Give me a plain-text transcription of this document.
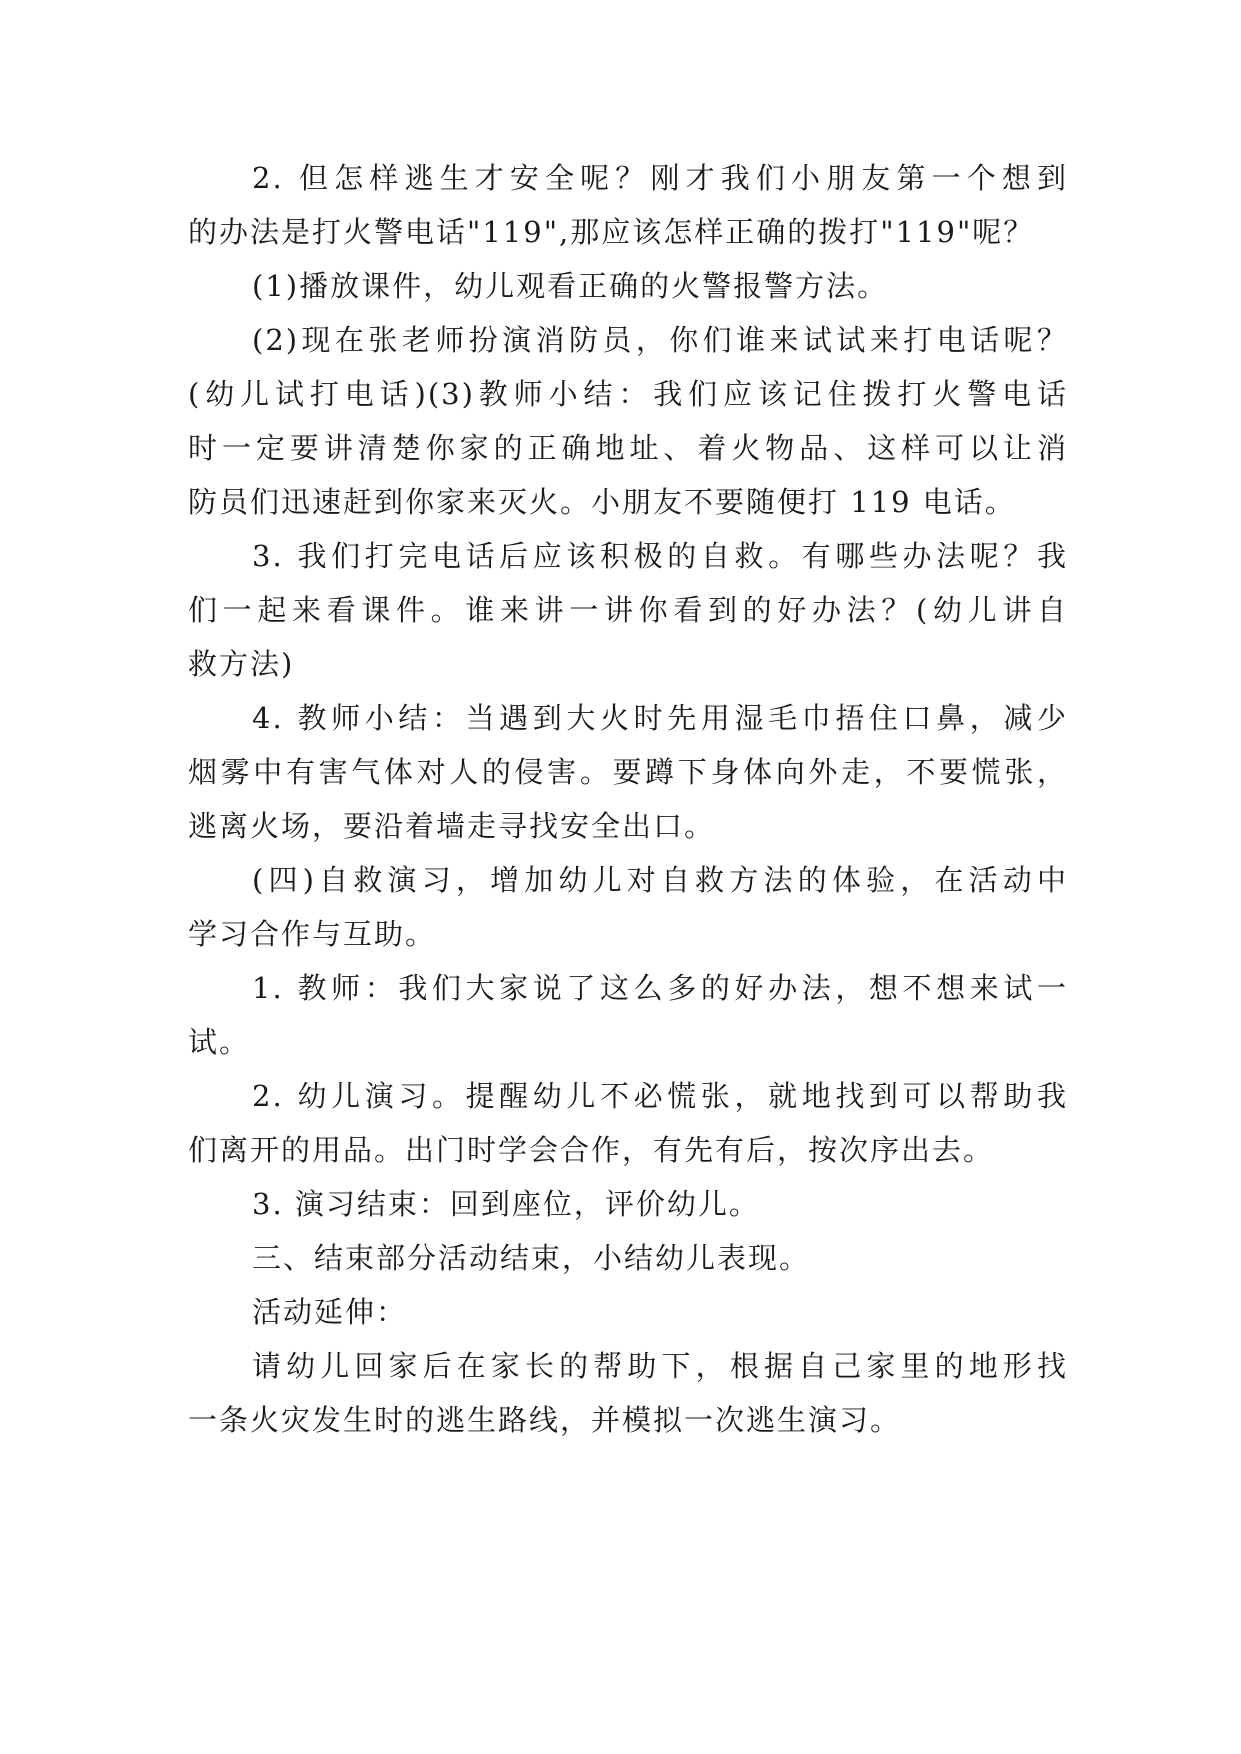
2. 但怎样逃生才安全呢？刚才我们小朋友第一个想到
的办法是打火警电话"119",那应该怎样正确的拨打"119"呢？
(1)播放课件，幼儿观看正确的火警报警方法。
(2)现在张老师扮演消防员，你们谁来试试来打电话呢？
(幼儿试打电话)(3)教师小结：我们应该记住拨打火警电话
时一定要讲清楚你家的正确地址、着火物品、这样可以让消
防员们迅速赶到你家来灭火。小朋友不要随便打 119 电话。
3. 我们打完电话后应该积极的自救。有哪些办法呢？我
们一起来看课件。谁来讲一讲你看到的好办法？(幼儿讲自
救方法)
4. 教师小结：当遇到大火时先用湿毛巾捂住口鼻，减少
烟雾中有害气体对人的侵害。要蹲下身体向外走，不要慌张，
逃离火场，要沿着墙走寻找安全出口。
(四)自救演习，增加幼儿对自救方法的体验，在活动中
学习合作与互助。
1. 教师：我们大家说了这么多的好办法，想不想来试一
试。
2. 幼儿演习。提醒幼儿不必慌张，就地找到可以帮助我
们离开的用品。出门时学会合作，有先有后，按次序出去。
3. 演习结束：回到座位，评价幼儿。
三、结束部分活动结束，小结幼儿表现。
活动延伸：
请幼儿回家后在家长的帮助下，根据自己家里的地形找
一条火灾发生时的逃生路线，并模拟一次逃生演习。
